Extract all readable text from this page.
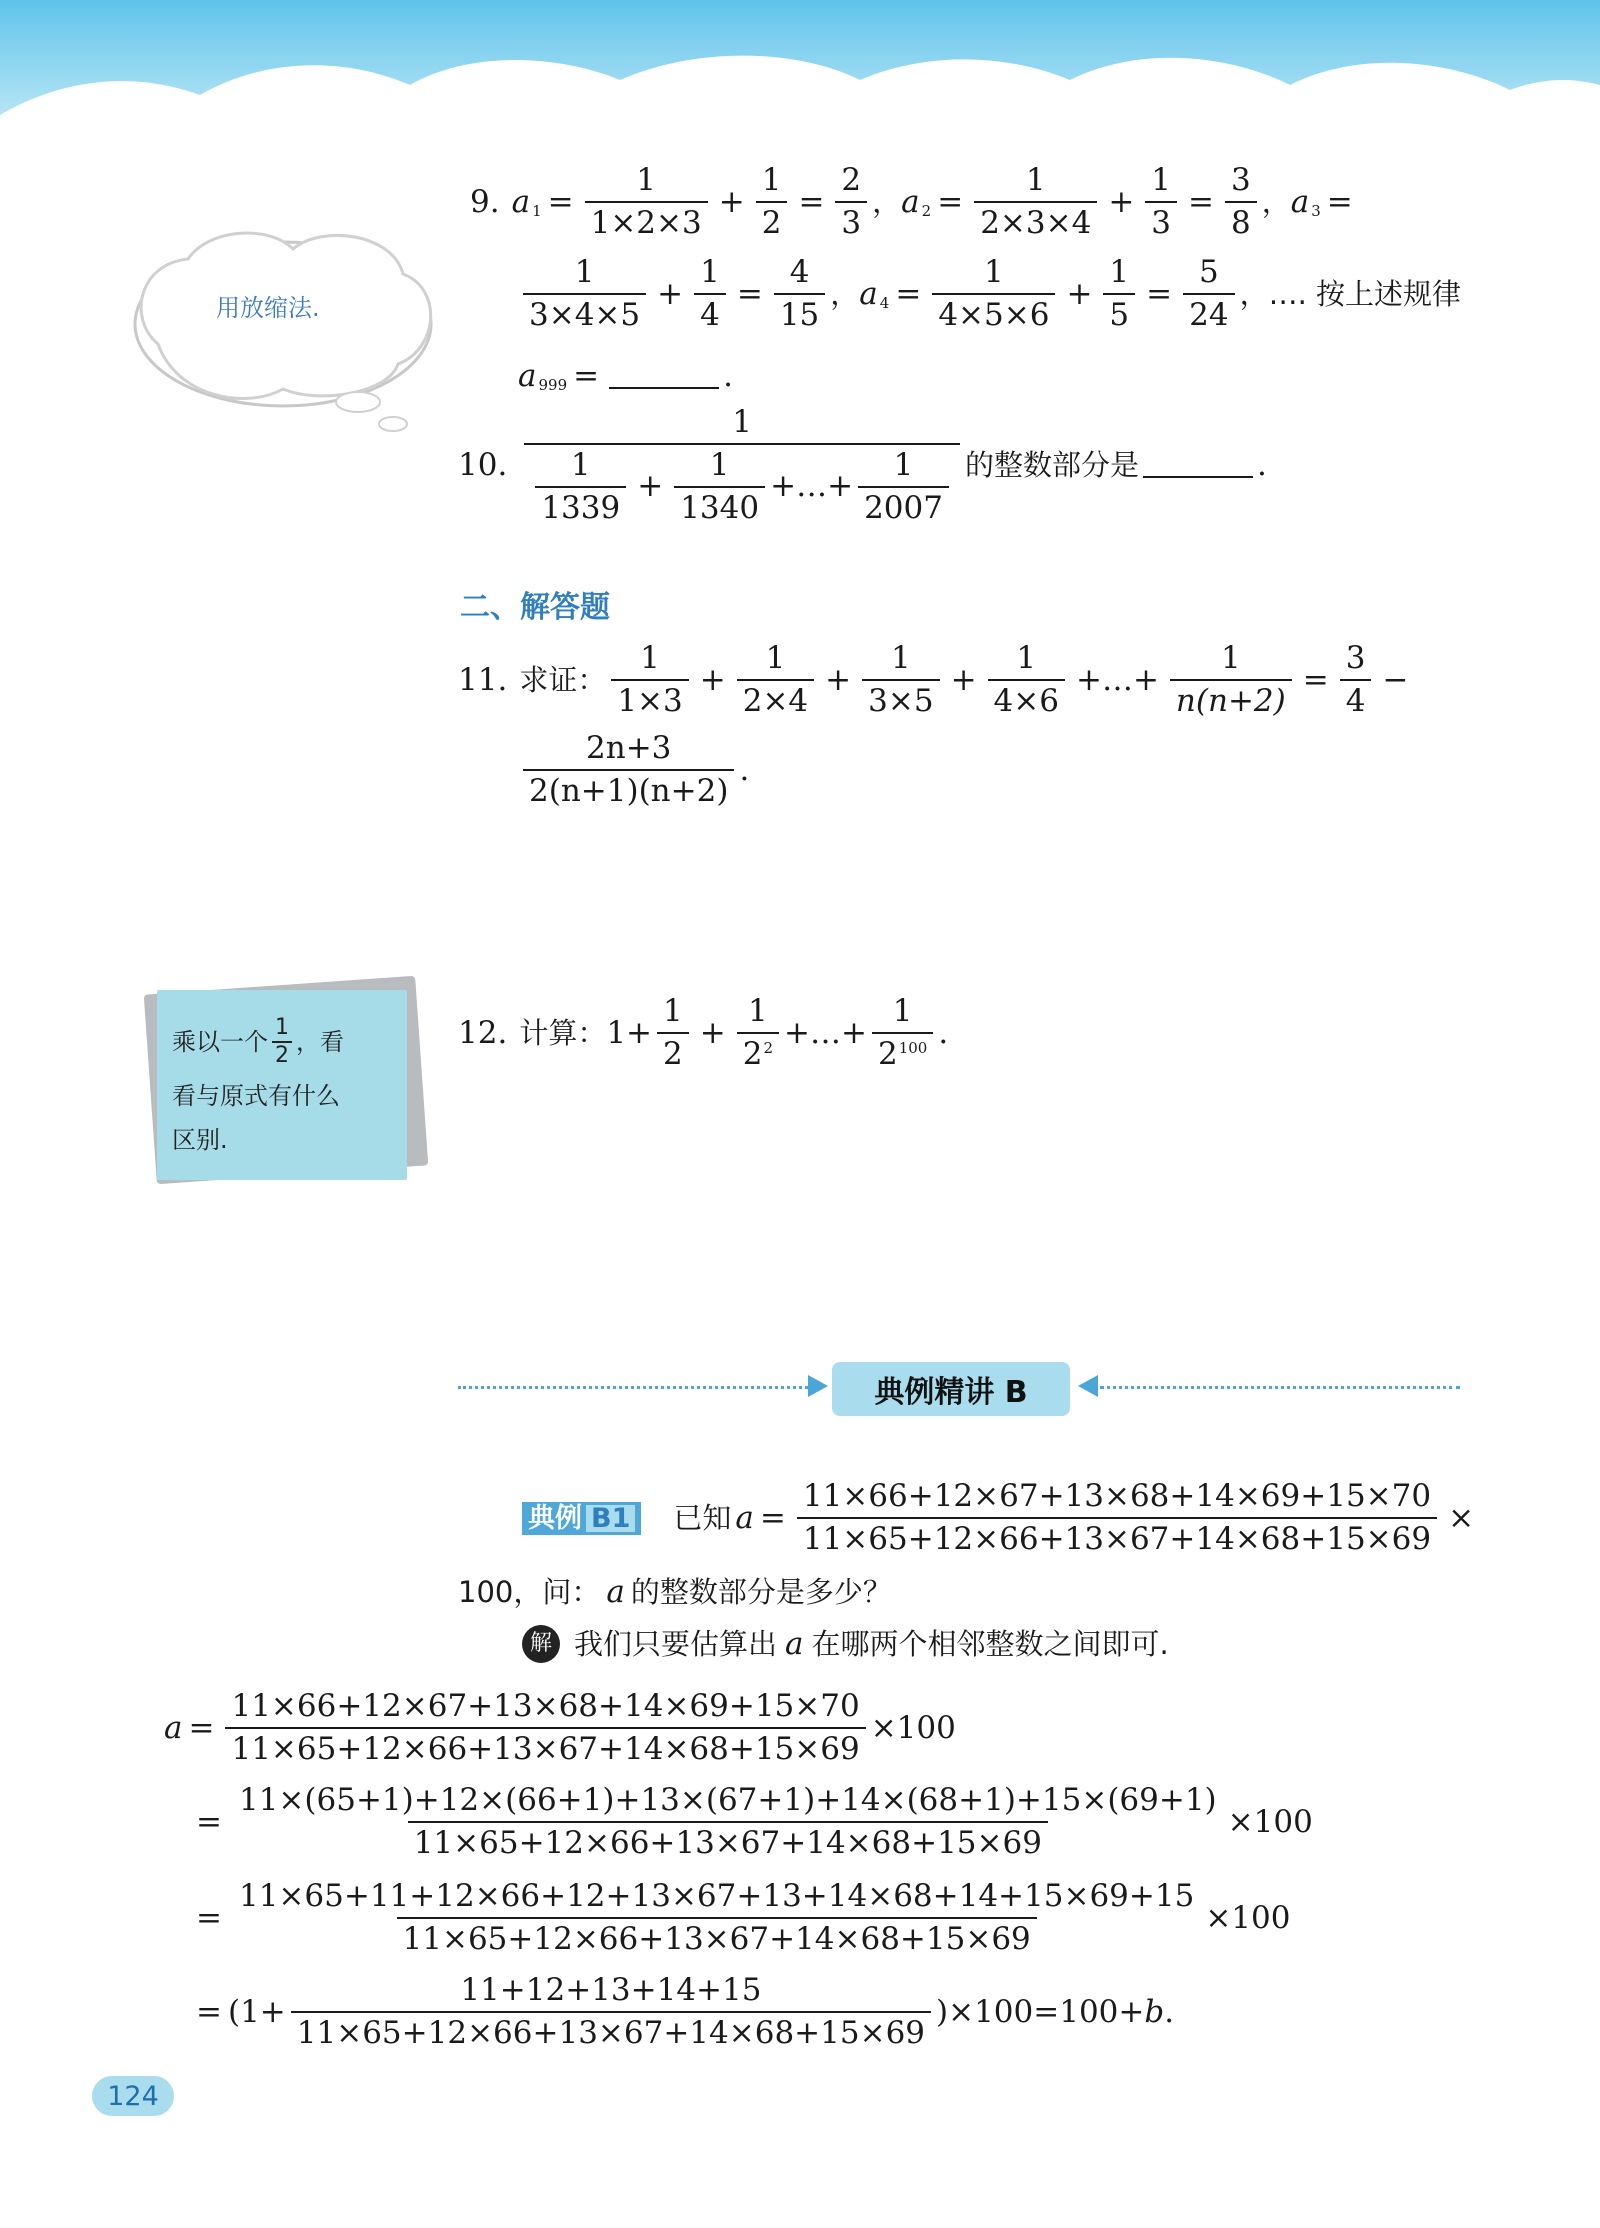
用放缩法.
9. a $1 = \frac{1}{1\times 2\times 3} + \frac{1}{2} = \frac{2}{3}$ ， a $2 = \frac{1}{2\times 3\times 4} + \frac{1}{3} = \frac{3}{8}$ ， a 3 =
$\frac{1}{3\times 4\times 5} + \frac{1}{4} = \frac{4}{15}$ ， a $4 = \frac{1}{4\times 5\times 6} + \frac{1}{5} = \frac{5}{24}$ ，…. 按上述规律
a 999 =	.
10. $\frac{1}{\frac{1}{1339} + \frac{1}{1340} +\dots+ \frac{1}{2007}}$ 的整数部分是	.
二、解答题
11. 求证： $\frac{1}{1\times 3} + \frac{1}{2\times 4} + \frac{1}{3\times 5} + \frac{1}{4\times 6}$ +…+ $\frac{1}{n(n+2)} = \frac{3}{4}$ −
$\frac{2n+3}{2(n+1)(n+2)}$ .
乘以一个 $\frac{1}{2}$ ，看
看与原式有什么
区别.
12. 计算： $1+ \frac{1}{2} + \frac{1}{2^2}$ +…+ $\frac{1}{2^{100}}$ .
典例精讲 B
典例 B1 已知 $a = \frac{11\times 66+12\times 67+13\times 68+14\times 69+15\times 70}{11\times 65+12\times 66+13\times 67+14\times 68+15\times 69}$ ×
100，问： a 的整数部分是多少？
解 我们只要估算出 a 在哪两个相邻整数之间即可.
$a = \frac{11\times 66+12\times 67+13\times 68+14\times 69+15\times 70}{11\times 65+12\times 66+13\times 67+14\times 68+15\times 69} \times 100$
= $\frac{11\times(65+1)+12\times(66+1)+13\times(67+1)+14\times(68+1)+15\times(69+1)}{11\times 65+12\times 66+13\times 67+14\times 68+15\times 69} \times 100$
= $\frac{11\times 65+11+12\times 66+12+13\times 67+13+14\times 68+14+15\times 69+15}{11\times 65+12\times 66+13\times 67+14\times 68+15\times 69} \times 100$
= $(1+ \frac{11+12+13+14+15}{11\times 65+12\times 66+13\times 67+14\times 68+15\times 69} )\times 100=100+ b$ .
124
